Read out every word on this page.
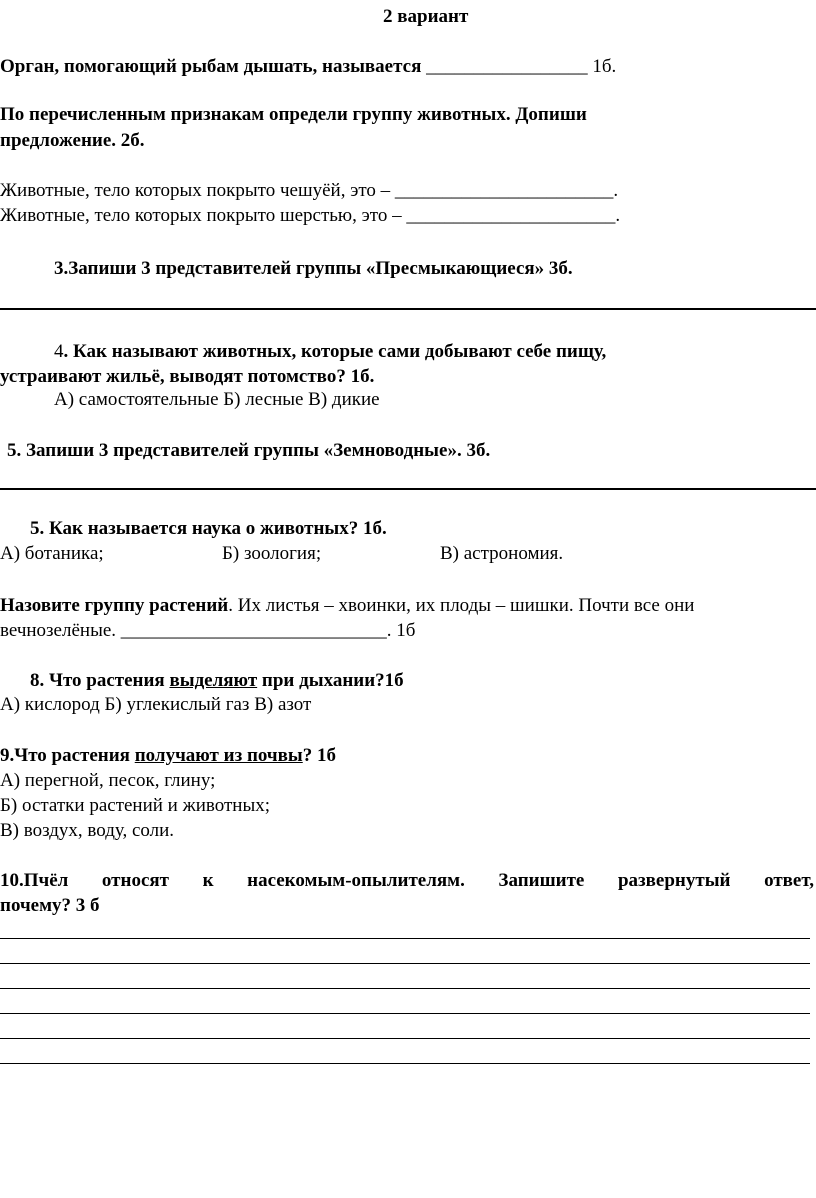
2 вариант
Орган, помогающий рыбам дышать, называется _________________ 1б.
По перечисленным признакам определи группу животных. Допиши
предложение. 2б.
Животные, тело которых покрыто чешуёй, это – _______________________.
Животные, тело которых покрыто шерстью, это – ______________________.
3.Запиши 3 представителей группы «Пресмыкающиеся» 3б.
4. Как называют животных, которые сами добывают себе пищу,
устраивают жильё, выводят потомство? 1б.
А) самостоятельные Б) лесные В) дикие
5. Запиши 3 представителей группы «Земноводные». 3б.
5. Как называется наука о животных? 1б.
А) ботаника;	Б) зоология;	В) астрономия.
Назовите группу растений. Их листья – хвоинки, их плоды – шишки. Почти все они
вечнозелёные. ____________________________. 1б
8. Что растения выделяют при дыхании?1б
А) кислород Б) углекислый газ В) азот
9.Что растения получают из почвы? 1б
А) перегной, песок, глину;
Б) остатки растений и животных;
В) воздух, воду, соли.
10.Пчёл относят к насекомым-опылителям. Запишите развернутый ответ,
почему? 3 б
